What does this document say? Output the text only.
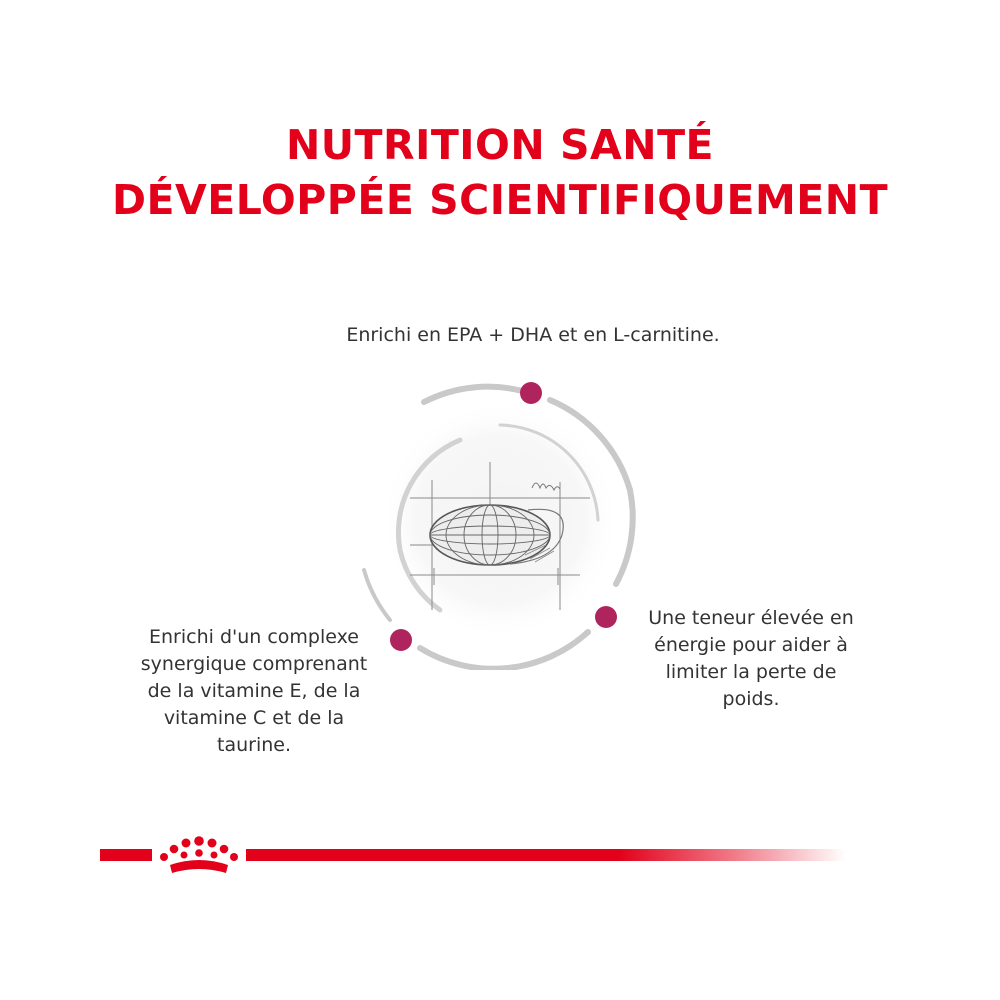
NUTRITION SANTÉ
DÉVELOPPÉE SCIENTIFIQUEMENT
Enrichi en EPA + DHA et en L-carnitine.
Une teneur élevée en énergie pour aider à limiter la perte de poids.
Enrichi d'un complexe synergique comprenant de la vitamine E, de la vitamine C et de la taurine.
